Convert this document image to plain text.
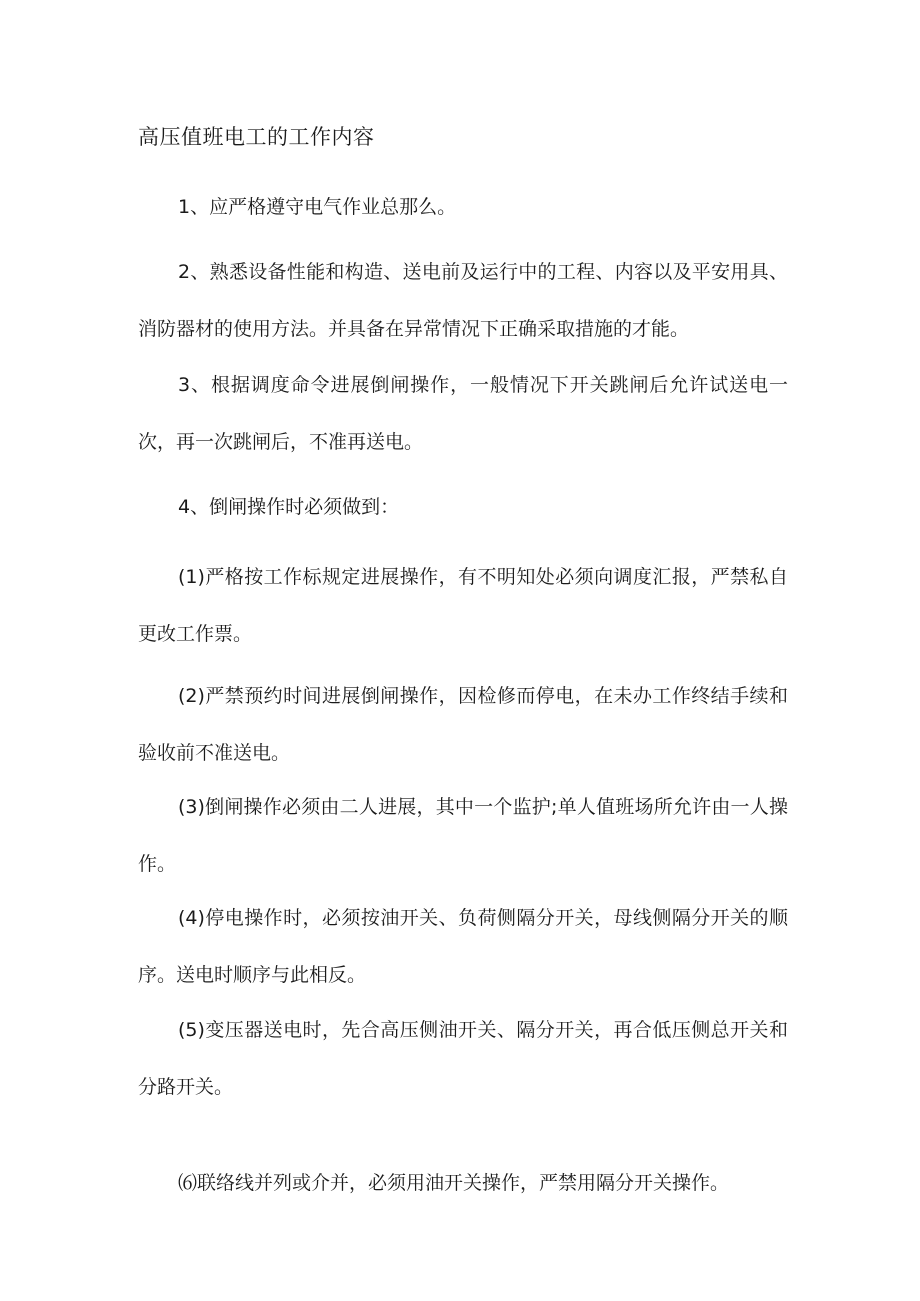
高压值班电工的工作内容

1、应严格遵守电气作业总那么。

2、熟悉设备性能和构造、送电前及运行中的工程、内容以及平安用具、消防器材的使用方法。并具备在异常情况下正确采取措施的才能。

3、根据调度命令进展倒闸操作，一般情况下开关跳闸后允许试送电一次，再一次跳闸后，不准再送电。

4、倒闸操作时必须做到：

(1)严格按工作标规定进展操作，有不明知处必须向调度汇报，严禁私自更改工作票。

(2)严禁预约时间进展倒闸操作，因检修而停电，在未办工作终结手续和验收前不准送电。

(3)倒闸操作必须由二人进展，其中一个监护;单人值班场所允许由一人操作。

(4)停电操作时，必须按油开关、负荷侧隔分开关，母线侧隔分开关的顺序。送电时顺序与此相反。

(5)变压器送电时，先合高压侧油开关、隔分开关，再合低压侧总开关和分路开关。

⑹联络线并列或介并，必须用油开关操作，严禁用隔分开关操作。
